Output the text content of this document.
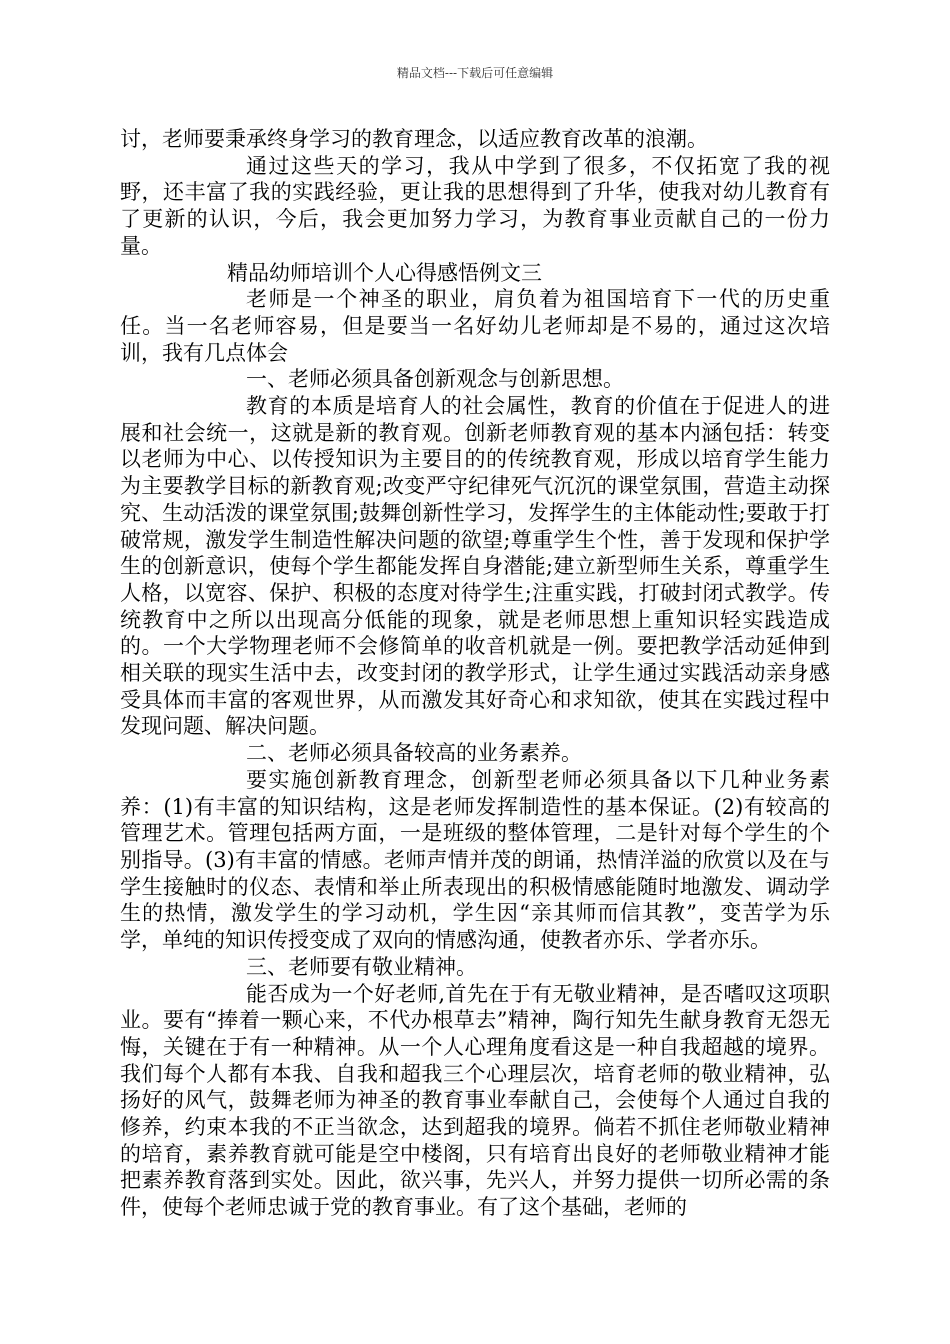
精品文档---下载后可任意编辑

讨，老师要秉承终身学习的教育理念，以适应教育改革的浪潮。

通过这些天的学习，我从中学到了很多，不仅拓宽了我的视野，还丰富了我的实践经验，更让我的思想得到了升华，使我对幼儿教育有了更新的认识，今后，我会更加努力学习，为教育事业贡献自己的一份力量。

精品幼师培训个人心得感悟例文三

老师是一个神圣的职业，肩负着为祖国培育下一代的历史重任。当一名老师容易，但是要当一名好幼儿老师却是不易的，通过这次培训，我有几点体会

一、老师必须具备创新观念与创新思想。

教育的本质是培育人的社会属性，教育的价值在于促进人的进展和社会统一，这就是新的教育观。创新老师教育观的基本内涵包括：转变以老师为中心、以传授知识为主要目的的传统教育观，形成以培育学生能力为主要教学目标的新教育观;改变严守纪律死气沉沉的课堂氛围，营造主动探究、生动活泼的课堂氛围;鼓舞创新性学习，发挥学生的主体能动性;要敢于打破常规，激发学生制造性解决问题的欲望;尊重学生个性，善于发现和保护学生的创新意识，使每个学生都能发挥自身潜能;建立新型师生关系，尊重学生人格，以宽容、保护、积极的态度对待学生;注重实践，打破封闭式教学。传统教育中之所以出现高分低能的现象，就是老师思想上重知识轻实践造成的。一个大学物理老师不会修简单的收音机就是一例。要把教学活动延伸到相关联的现实生活中去，改变封闭的教学形式，让学生通过实践活动亲身感受具体而丰富的客观世界，从而激发其好奇心和求知欲，使其在实践过程中发现问题、解决问题。

二、老师必须具备较高的业务素养。

要实施创新教育理念，创新型老师必须具备以下几种业务素养：(1)有丰富的知识结构，这是老师发挥制造性的基本保证。(2)有较高的管理艺术。管理包括两方面，一是班级的整体管理，二是针对每个学生的个别指导。(3)有丰富的情感。老师声情并茂的朗诵，热情洋溢的欣赏以及在与学生接触时的仪态、表情和举止所表现出的积极情感能随时地激发、调动学生的热情，激发学生的学习动机，学生因“亲其师而信其教”，变苦学为乐学，单纯的知识传授变成了双向的情感沟通，使教者亦乐、学者亦乐。

三、老师要有敬业精神。

能否成为一个好老师,首先在于有无敬业精神，是否嗜叹这项职业。要有“捧着一颗心来，不代办根草去”精神，陶行知先生献身教育无怨无悔，关键在于有一种精神。从一个人心理角度看这是一种自我超越的境界。我们每个人都有本我、自我和超我三个心理层次，培育老师的敬业精神，弘扬好的风气，鼓舞老师为神圣的教育事业奉献自己，会使每个人通过自我的修养，约束本我的不正当欲念，达到超我的境界。倘若不抓住老师敬业精神的培育，素养教育就可能是空中楼阁，只有培育出良好的老师敬业精神才能把素养教育落到实处。因此，欲兴事，先兴人，并努力提供一切所必需的条件，使每个老师忠诚于党的教育事业。有了这个基础，老师的
